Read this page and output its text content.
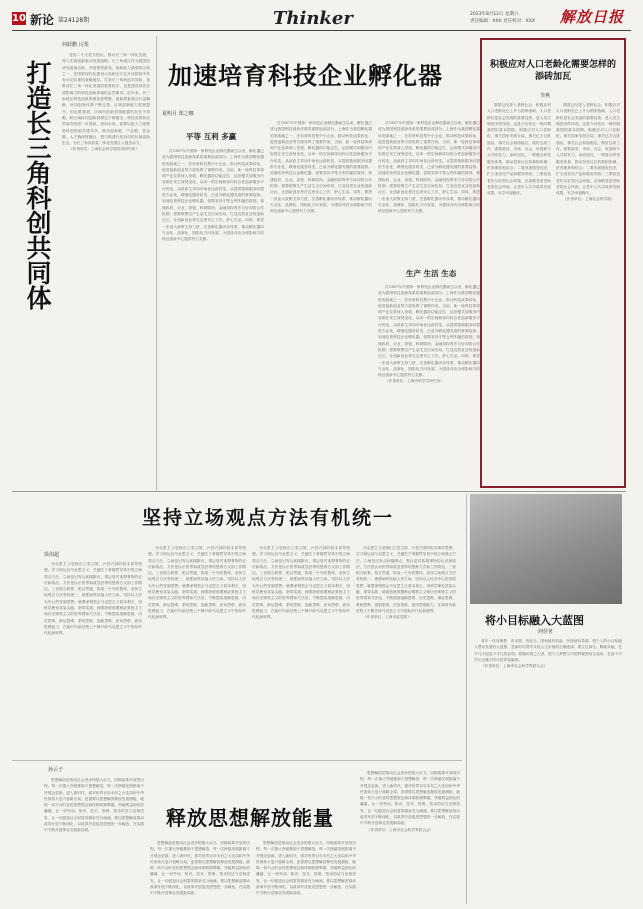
10 新论 第24128期	Thinker	2023年8月12日 星期六
责任编辑：XXX 责任校对：XXX 解放日报
打造长三角科创共同体
何跃鹏 闫斐

党的二十大报告指出，推动长三角一体化发展，深入实施创新驱动发展战略。长三角地区作为我国经济发展最活跃、开放程度最高、创新能力最强的区域之一，在国家现代化建设大局和全方位开放格局中具有举足轻重的战略地位。打造长三角科创共同体，是推动长三角一体化发展的重要抓手，也是建设具有全球影响力的科技创新高地的必然要求。近年来，长三角地区科技创新资源高度集聚，创新要素流动日益顺畅，协同创新体系不断完善，区域创新能力显著提升。但也要看到，区域内创新资源配置仍存在不均衡，跨区域协同创新机制还不够健全，科技成果转化效率有待进一步提高。面向未来，需要以更大力度推进科创资源共建共享，推动创新链、产业链、资金链、人才链深度融合，着力构建开放协同的区域创新生态，为长三角高质量一体化发展注入强劲动力。

（作者单位：上海社会科学院经济研究所）

加速培育科技企业孵化器
夏明月 郑之娜
平等 互利 多赢

自1987年中国第一家科技企业孵化器诞生以来，孵化器已成为我国科技创新体系的重要组成部分。上海作为我国孵化器的发源地之一，在培育科技型中小企业、推动科技成果转化、促进创新创业等方面发挥了重要作用。当前，新一轮科技革命和产业变革深入发展，孵化器的功能定位、运营模式和服务内容都在发生深刻变化。从单一的空间载体向综合性创新服务平台转变，从政府主导向市场化运营转变，从提供基础服务向提供专业化、精细化服务转变，已成为孵化器发展的重要趋势。加速培育科技企业孵化器，需要坚持平等互利多赢的原则，构建政府、企业、高校、科研院所、金融机构等多方协同的合作机制；需要统筹生产生活生态空间布局，打造宜居宜业的创新社区，让创新创业者在这里安心工作、舒心生活。同时，要进一步加大政策支持力度，完善孵化器评价体系，推动孵化器向专业化、品牌化、国际化方向发展，为建设具有全球影响力的科技创新中心提供有力支撑。

自1987年中国第一家科技企业孵化器诞生以来，孵化器已成为我国科技创新体系的重要组成部分。上海作为我国孵化器的发源地之一，在培育科技型中小企业、推动科技成果转化、促进创新创业等方面发挥了重要作用。当前，新一轮科技革命和产业变革深入发展，孵化器的功能定位、运营模式和服务内容都在发生深刻变化。从单一的空间载体向综合性创新服务平台转变，从政府主导向市场化运营转变，从提供基础服务向提供专业化、精细化服务转变，已成为孵化器发展的重要趋势。加速培育科技企业孵化器，需要坚持平等互利多赢的原则，构建政府、企业、高校、科研院所、金融机构等多方协同的合作机制；需要统筹生产生活生态空间布局，打造宜居宜业的创新社区，让创新创业者在这里安心工作、舒心生活。同时，要进一步加大政策支持力度，完善孵化器评价体系，推动孵化器向专业化、品牌化、国际化方向发展，为建设具有全球影响力的科技创新中心提供有力支撑。

生产 生活 生态

自1987年中国第一家科技企业孵化器诞生以来，孵化器已成为我国科技创新体系的重要组成部分。上海作为我国孵化器的发源地之一，在培育科技型中小企业、推动科技成果转化、促进创新创业等方面发挥了重要作用。当前，新一轮科技革命和产业变革深入发展，孵化器的功能定位、运营模式和服务内容都在发生深刻变化。从单一的空间载体向综合性创新服务平台转变，从政府主导向市场化运营转变，从提供基础服务向提供专业化、精细化服务转变，已成为孵化器发展的重要趋势。加速培育科技企业孵化器，需要坚持平等互利多赢的原则，构建政府、企业、高校、科研院所、金融机构等多方协同的合作机制；需要统筹生产生活生态空间布局，打造宜居宜业的创新社区，让创新创业者在这里安心工作、舒心生活。同时，要进一步加大政策支持力度，完善孵化器评价体系，推动孵化器向专业化、品牌化、国际化方向发展，为建设具有全球影响力的科技创新中心提供有力支撑。

自1987年中国第一家科技企业孵化器诞生以来，孵化器已成为我国科技创新体系的重要组成部分。上海作为我国孵化器的发源地之一，在培育科技型中小企业、推动科技成果转化、促进创新创业等方面发挥了重要作用。当前，新一轮科技革命和产业变革深入发展，孵化器的功能定位、运营模式和服务内容都在发生深刻变化。从单一的空间载体向综合性创新服务平台转变，从政府主导向市场化运营转变，从提供基础服务向提供专业化、精细化服务转变，已成为孵化器发展的重要趋势。加速培育科技企业孵化器，需要坚持平等互利多赢的原则，构建政府、企业、高校、科研院所、金融机构等多方协同的合作机制；需要统筹生产生活生态空间布局，打造宜居宜业的创新社区，让创新创业者在这里安心工作、舒心生活。同时，要进一步加大政策支持力度，完善孵化器评价体系，推动孵化器向专业化、品牌化、国际化方向发展，为建设具有全球影响力的科技创新中心提供有力支撑。

（作者单位：上海市科学学研究所）

积极应对人口老龄化需要怎样的添砖加瓦
李燕

我国已经进入老龄社会，积极应对人口老龄化已上升为国家战略。人口老龄化是社会发展的重要趋势，是人类文明进步的体现，也是今后较长一段时期我国的基本国情。积极应对人口老龄化，事关国家发展全局，事关亿万百姓福祉，事关社会和谐稳定。做好这项工作，需要政府、市场、社会、家庭和个人共同发力，添砖加瓦。一要健全养老服务体系，推动居家社区机构相协调、医养康养相结合；二要发展银发经济，扩大适老化产品和服务供给；三要营造老年友好型社会环境，弘扬敬老爱老助老的社会风尚，让老年人共享改革发展成果，安享幸福晚年。

我国已经进入老龄社会，积极应对人口老龄化已上升为国家战略。人口老龄化是社会发展的重要趋势，是人类文明进步的体现，也是今后较长一段时期我国的基本国情。积极应对人口老龄化，事关国家发展全局，事关亿万百姓福祉，事关社会和谐稳定。做好这项工作，需要政府、市场、社会、家庭和个人共同发力，添砖加瓦。一要健全养老服务体系，推动居家社区机构相协调、医养康养相结合；二要发展银发经济，扩大适老化产品和服务供给；三要营造老年友好型社会环境，弘扬敬老爱老助老的社会风尚，让老年人共享改革发展成果，安享幸福晚年。

（作者单位：上海社会科学院）

坚持立场观点方法有机统一
徐剑超

马克思主义是我们立党立国、兴党兴国的根本指导思想。学习和运用马克思主义，关键在于掌握贯穿其中的立场观点方法。立场是出发点和落脚点，观点是对客观事物的认识和看法，方法是认识世界和改造世界的思维方式和工作路径。三者相互联系、相互贯通，构成一个有机整体。坚持立场观点方法有机统一，就要始终站稳人民立场，坚持以人民为中心的发展思想；就要深刻领会马克思主义基本观点，用科学理论武装头脑、指导实践；就要熟练掌握辩证唯物主义和历史唯物主义的世界观和方法论，不断提高战略思维、历史思维、辩证思维、系统思维、创新思维、法治思维、底线思维能力，在新时代新征程上不断开辟马克思主义中国化时代化新境界。

马克思主义是我们立党立国、兴党兴国的根本指导思想。学习和运用马克思主义，关键在于掌握贯穿其中的立场观点方法。立场是出发点和落脚点，观点是对客观事物的认识和看法，方法是认识世界和改造世界的思维方式和工作路径。三者相互联系、相互贯通，构成一个有机整体。坚持立场观点方法有机统一，就要始终站稳人民立场，坚持以人民为中心的发展思想；就要深刻领会马克思主义基本观点，用科学理论武装头脑、指导实践；就要熟练掌握辩证唯物主义和历史唯物主义的世界观和方法论，不断提高战略思维、历史思维、辩证思维、系统思维、创新思维、法治思维、底线思维能力，在新时代新征程上不断开辟马克思主义中国化时代化新境界。

马克思主义是我们立党立国、兴党兴国的根本指导思想。学习和运用马克思主义，关键在于掌握贯穿其中的立场观点方法。立场是出发点和落脚点，观点是对客观事物的认识和看法，方法是认识世界和改造世界的思维方式和工作路径。三者相互联系、相互贯通，构成一个有机整体。坚持立场观点方法有机统一，就要始终站稳人民立场，坚持以人民为中心的发展思想；就要深刻领会马克思主义基本观点，用科学理论武装头脑、指导实践；就要熟练掌握辩证唯物主义和历史唯物主义的世界观和方法论，不断提高战略思维、历史思维、辩证思维、系统思维、创新思维、法治思维、底线思维能力，在新时代新征程上不断开辟马克思主义中国化时代化新境界。

马克思主义是我们立党立国、兴党兴国的根本指导思想。学习和运用马克思主义，关键在于掌握贯穿其中的立场观点方法。立场是出发点和落脚点，观点是对客观事物的认识和看法，方法是认识世界和改造世界的思维方式和工作路径。三者相互联系、相互贯通，构成一个有机整体。坚持立场观点方法有机统一，就要始终站稳人民立场，坚持以人民为中心的发展思想；就要深刻领会马克思主义基本观点，用科学理论武装头脑、指导实践；就要熟练掌握辩证唯物主义和历史唯物主义的世界观和方法论，不断提高战略思维、历史思维、辩证思维、系统思维、创新思维、法治思维、底线思维能力，在新时代新征程上不断开辟马克思主义中国化时代化新境界。

（作者单位：上海市委党校）	将小目标融入大蓝图
何佳茗

青年一代有理想、有本领、有担当，国家就有前途，民族就有希望。把个人的小目标融入国家发展的大蓝图，是新时代青年实现人生价值的正确选择。要立足岗位、脚踏实地，在平凡中创造不平凡的业绩；要胸怀国之大者，把个人梦想与中国梦紧密结合起来，在奋斗中书写无愧于时代的青春篇章。

（作者单位：上海市社会科学界联合会）

孙云子

思想解放是推动社会进步的强大动力。回顾改革开放的历程，每一次重大突破都源于思想解放，每一次跨越发展都离不开观念更新。进入新时代，面对世界百年未有之大变局和中华民族伟大复兴战略全局，更需要以思想解放释放发展潜能，破除一切不合时宜的思想观念和体制机制弊端，突破利益固化的藩篱，让一切劳动、知识、技术、管理、资本的活力竞相迸发，让一切创造社会财富的源泉充分涌流。要以思想解放推动改革开放不断深化，以改革开放促进思想进一步解放，在实践中不断开创事业发展新局面。

释放思想解放能量

思想解放是推动社会进步的强大动力。回顾改革开放的历程，每一次重大突破都源于思想解放，每一次跨越发展都离不开观念更新。进入新时代，面对世界百年未有之大变局和中华民族伟大复兴战略全局，更需要以思想解放释放发展潜能，破除一切不合时宜的思想观念和体制机制弊端，突破利益固化的藩篱，让一切劳动、知识、技术、管理、资本的活力竞相迸发，让一切创造社会财富的源泉充分涌流。要以思想解放推动改革开放不断深化，以改革开放促进思想进一步解放，在实践中不断开创事业发展新局面。

思想解放是推动社会进步的强大动力。回顾改革开放的历程，每一次重大突破都源于思想解放，每一次跨越发展都离不开观念更新。进入新时代，面对世界百年未有之大变局和中华民族伟大复兴战略全局，更需要以思想解放释放发展潜能，破除一切不合时宜的思想观念和体制机制弊端，突破利益固化的藩篱，让一切劳动、知识、技术、管理、资本的活力竞相迸发，让一切创造社会财富的源泉充分涌流。要以思想解放推动改革开放不断深化，以改革开放促进思想进一步解放，在实践中不断开创事业发展新局面。

思想解放是推动社会进步的强大动力。回顾改革开放的历程，每一次重大突破都源于思想解放，每一次跨越发展都离不开观念更新。进入新时代，面对世界百年未有之大变局和中华民族伟大复兴战略全局，更需要以思想解放释放发展潜能，破除一切不合时宜的思想观念和体制机制弊端，突破利益固化的藩篱，让一切劳动、知识、技术、管理、资本的活力竞相迸发，让一切创造社会财富的源泉充分涌流。要以思想解放推动改革开放不断深化，以改革开放促进思想进一步解放，在实践中不断开创事业发展新局面。

（作者单位：上海市社会科学界联合会）
